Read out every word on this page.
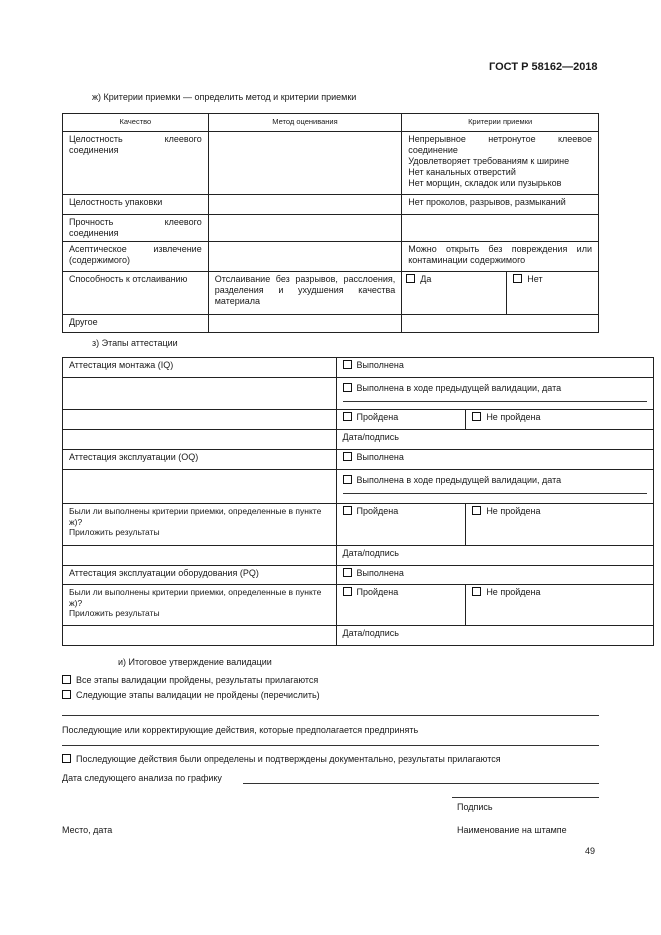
ГОСТ Р 58162—2018
ж) Критерии приемки — определить метод и критерии приемки
Качество	Метод оценивания	Критерии приемки
Целостность клеевого соединения		Непрерывное нетронутое клеевое соединение
Удовлетворяет требованиям к ширине
Нет канальных отверстий
Нет морщин, складок или пузырьков

Целостность упаковки		Нет проколов, разрывов, размыканий
Прочность клеевого соединения		
Асептическое извлечение (содержимого)		Можно открыть без повреждения или контаминации содержимого
Способность к отслаиванию	Отслаивание без разрывов, расслоения, разделения и ухудшения качества материала	Да Нет

Другое		
з) Этапы аттестации
Аттестация монтажа (IQ)	Выполнена	
	Выполнена в ходе предыдущей валидации, дата	

	Пройдена	Не пройдена
	Дата/подпись	
Аттестация эксплуатации (OQ)	Выполнена	
	Выполнена в ходе предыдущей валидации, дата	

Были ли выполнены критерии приемки, определенные в пункте ж)?
Приложить результаты	Пройдена	Не пройдена
	Дата/подпись	
Аттестация эксплуатации оборудования (PQ)	Выполнена	

Были ли выполнены критерии приемки, определенные в пункте ж)?
Приложить результаты	Пройдена	Не пройдена
	Дата/подпись	
и) Итоговое утверждение валидации
Все этапы валидации пройдены, результаты прилагаются
Следующие этапы валидации не пройдены (перечислить)
Последующие или корректирующие действия, которые предполагается предпринять
Последующие действия были определены и подтверждены документально, результаты прилагаются
Дата следующего анализа по графику
Подпись
Место, дата	Наименование на штампе
49
